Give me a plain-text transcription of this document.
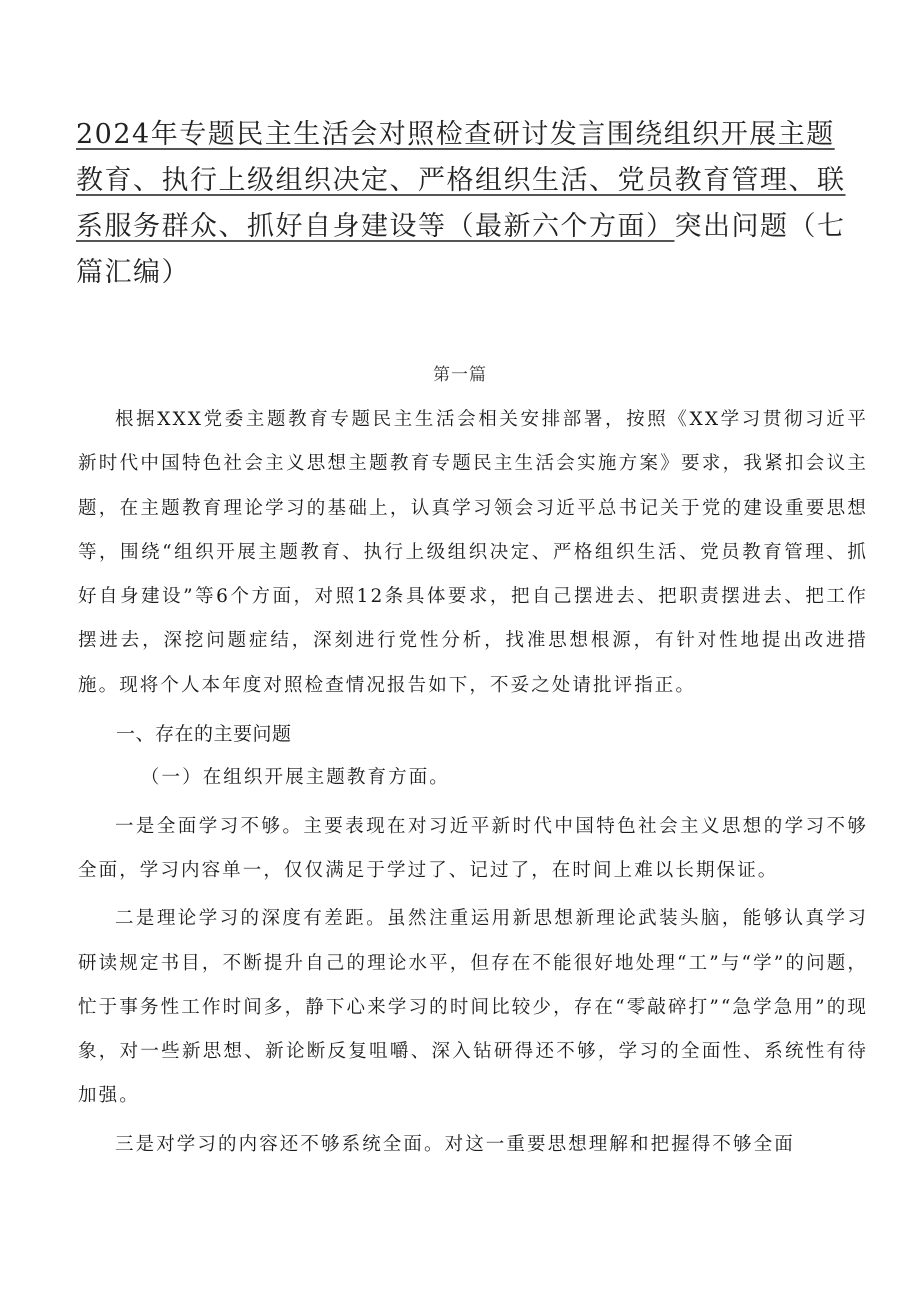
2024年专题民主生活会对照检查研讨发言围绕组织开展主题教育、执行上级组织决定、严格组织生活、党员教育管理、联系服务群众、抓好自身建设等（最新六个方面）突出问题（七篇汇编）
第一篇

根据XXX党委主题教育专题民主生活会相关安排部署，按照《XX学习贯彻习近平新时代中国特色社会主义思想主题教育专题民主生活会实施方案》要求，我紧扣会议主题，在主题教育理论学习的基础上，认真学习领会习近平总书记关于党的建设重要思想等，围绕“组织开展主题教育、执行上级组织决定、严格组织生活、党员教育管理、抓好自身建设”等6个方面，对照12条具体要求，把自己摆进去、把职责摆进去、把工作摆进去，深挖问题症结，深刻进行党性分析，找准思想根源，有针对性地提出改进措施。现将个人本年度对照检查情况报告如下，不妥之处请批评指正。

一、存在的主要问题

（一）在组织开展主题教育方面。

一是全面学习不够。主要表现在对习近平新时代中国特色社会主义思想的学习不够全面，学习内容单一，仅仅满足于学过了、记过了，在时间上难以长期保证。

二是理论学习的深度有差距。虽然注重运用新思想新理论武装头脑，能够认真学习研读规定书目，不断提升自己的理论水平，但存在不能很好地处理“工”与“学”的问题，忙于事务性工作时间多，静下心来学习的时间比较少，存在“零敲碎打”“急学急用”的现象，对一些新思想、新论断反复咀嚼、深入钻研得还不够，学习的全面性、系统性有待加强。

三是对学习的内容还不够系统全面。对这一重要思想理解和把握得不够全面
